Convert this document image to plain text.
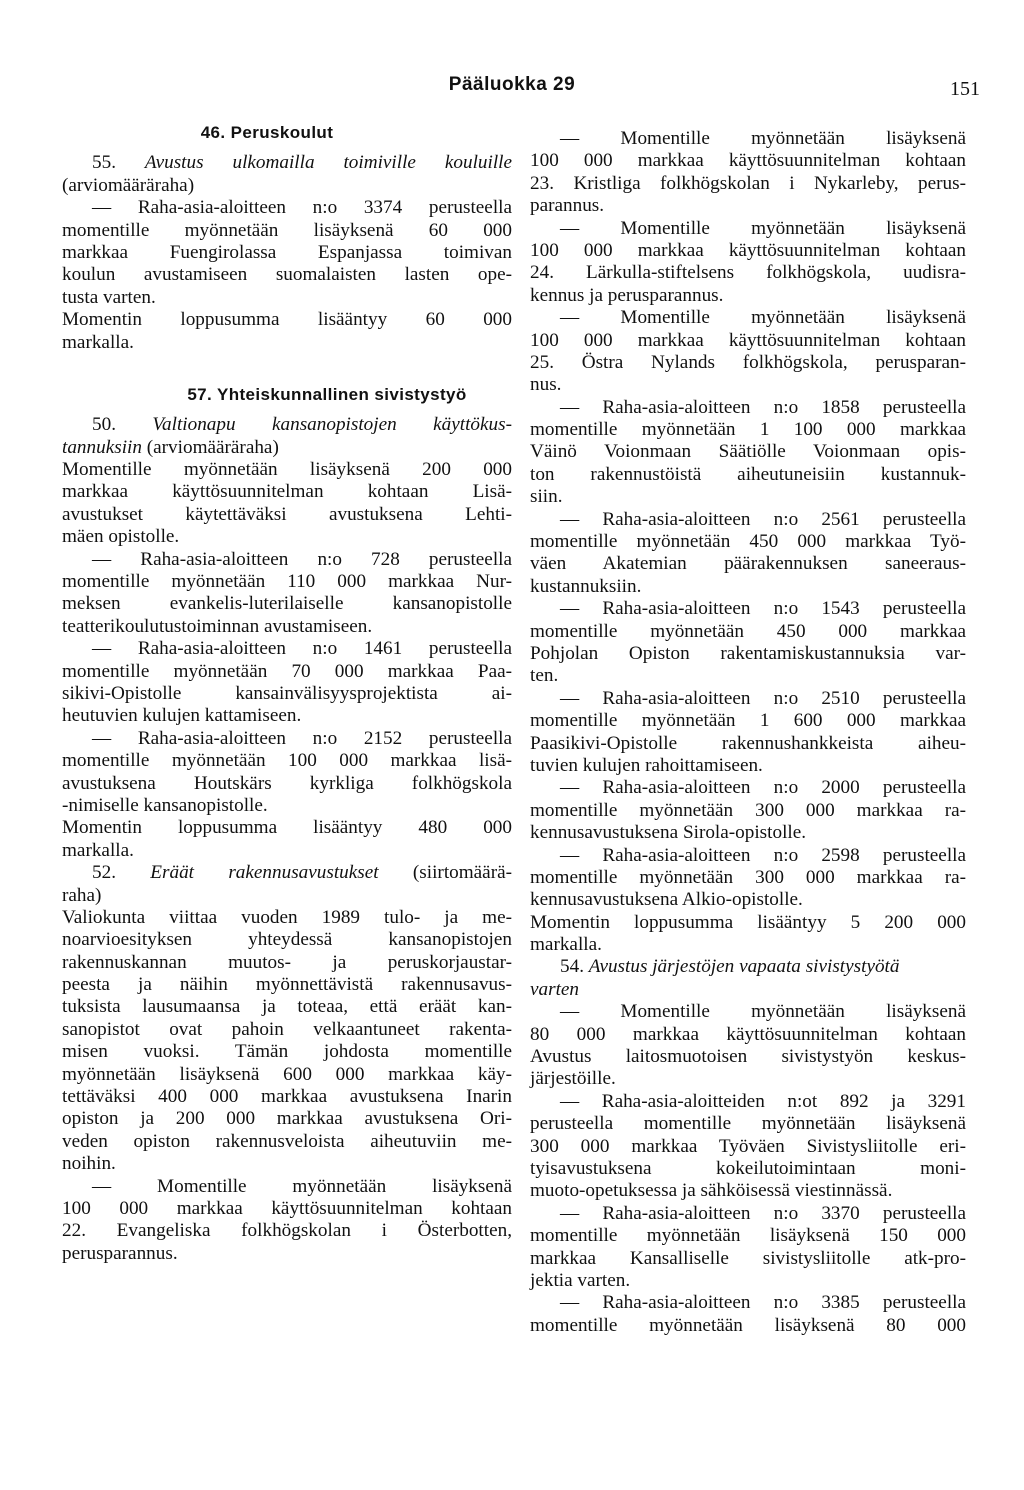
Pääluokka 29	151
46. Peruskoulut
55. Avustus ulkomailla toimiville kouluille
(arviomääräraha)
— Raha-asia-aloitteen n:o 3374 perusteella
momentille myönnetään lisäyksenä 60 000
markkaa Fuengirolassa Espanjassa toimivan
koulun avustamiseen suomalaisten lasten ope-
tusta varten.
Momentin loppusumma lisääntyy 60 000
markalla.
57. Yhteiskunnallinen sivistystyö
50. Valtionapu kansanopistojen käyttökus-
tannuksiin (arviomääräraha)
Momentille myönnetään lisäyksenä 200 000
markkaa käyttösuunnitelman kohtaan Lisä-
avustukset käytettäväksi avustuksena Lehti-
mäen opistolle.
— Raha-asia-aloitteen n:o 728 perusteella
momentille myönnetään 110 000 markkaa Nur-
meksen evankelis-luterilaiselle kansanopistolle
teatterikoulutustoiminnan avustamiseen.
— Raha-asia-aloitteen n:o 1461 perusteella
momentille myönnetään 70 000 markkaa Paa-
sikivi-Opistolle kansainvälisyysprojektista ai-
heutuvien kulujen kattamiseen.
— Raha-asia-aloitteen n:o 2152 perusteella
momentille myönnetään 100 000 markkaa lisä-
avustuksena Houtskärs kyrkliga folkhögskola
-nimiselle kansanopistolle.
Momentin loppusumma lisääntyy 480 000
markalla.
52. Eräät rakennusavustukset (siirtomäärä-
raha)
Valiokunta viittaa vuoden 1989 tulo- ja me-
noarvioesityksen yhteydessä kansanopistojen
rakennuskannan muutos- ja peruskorjaustar-
peesta ja näihin myönnettävistä rakennusavus-
tuksista lausumaansa ja toteaa, että eräät kan-
sanopistot ovat pahoin velkaantuneet rakenta-
misen vuoksi. Tämän johdosta momentille
myönnetään lisäyksenä 600 000 markkaa käy-
tettäväksi 400 000 markkaa avustuksena Inarin
opiston ja 200 000 markkaa avustuksena Ori-
veden opiston rakennusveloista aiheutuviin me-
noihin.
— Momentille myönnetään lisäyksenä
100 000 markkaa käyttösuunnitelman kohtaan
22. Evangeliska folkhögskolan i Österbotten,
perusparannus.
— Momentille myönnetään lisäyksenä
100 000 markkaa käyttösuunnitelman kohtaan
23. Kristliga folkhögskolan i Nykarleby, perus-
parannus.
— Momentille myönnetään lisäyksenä
100 000 markkaa käyttösuunnitelman kohtaan
24. Lärkulla-stiftelsens folkhögskola, uudisra-
kennus ja perusparannus.
— Momentille myönnetään lisäyksenä
100 000 markkaa käyttösuunnitelman kohtaan
25. Östra Nylands folkhögskola, perusparan-
nus.
— Raha-asia-aloitteen n:o 1858 perusteella
momentille myönnetään 1 100 000 markkaa
Väinö Voionmaan Säätiölle Voionmaan opis-
ton rakennustöistä aiheutuneisiin kustannuk-
siin.
— Raha-asia-aloitteen n:o 2561 perusteella
momentille myönnetään 450 000 markkaa Työ-
väen Akatemian päärakennuksen saneeraus-
kustannuksiin.
— Raha-asia-aloitteen n:o 1543 perusteella
momentille myönnetään 450 000 markkaa
Pohjolan Opiston rakentamiskustannuksia var-
ten.
— Raha-asia-aloitteen n:o 2510 perusteella
momentille myönnetään 1 600 000 markkaa
Paasikivi-Opistolle rakennushankkeista aiheu-
tuvien kulujen rahoittamiseen.
— Raha-asia-aloitteen n:o 2000 perusteella
momentille myönnetään 300 000 markkaa ra-
kennusavustuksena Sirola-opistolle.
— Raha-asia-aloitteen n:o 2598 perusteella
momentille myönnetään 300 000 markkaa ra-
kennusavustuksena Alkio-opistolle.
Momentin loppusumma lisääntyy 5 200 000
markalla.
54. Avustus järjestöjen vapaata sivistystyötä
varten
— Momentille myönnetään lisäyksenä
80 000 markkaa käyttösuunnitelman kohtaan
Avustus laitosmuotoisen sivistystyön keskus-
järjestöille.
— Raha-asia-aloitteiden n:ot 892 ja 3291
perusteella momentille myönnetään lisäyksenä
300 000 markkaa Työväen Sivistysliitolle eri-
tyisavustuksena kokeilutoimintaan moni-
muoto-opetuksessa ja sähköisessä viestinnässä.
— Raha-asia-aloitteen n:o 3370 perusteella
momentille myönnetään lisäyksenä 150 000
markkaa Kansalliselle sivistysliitolle atk-pro-
jektia varten.
— Raha-asia-aloitteen n:o 3385 perusteella
momentille myönnetään lisäyksenä 80 000
